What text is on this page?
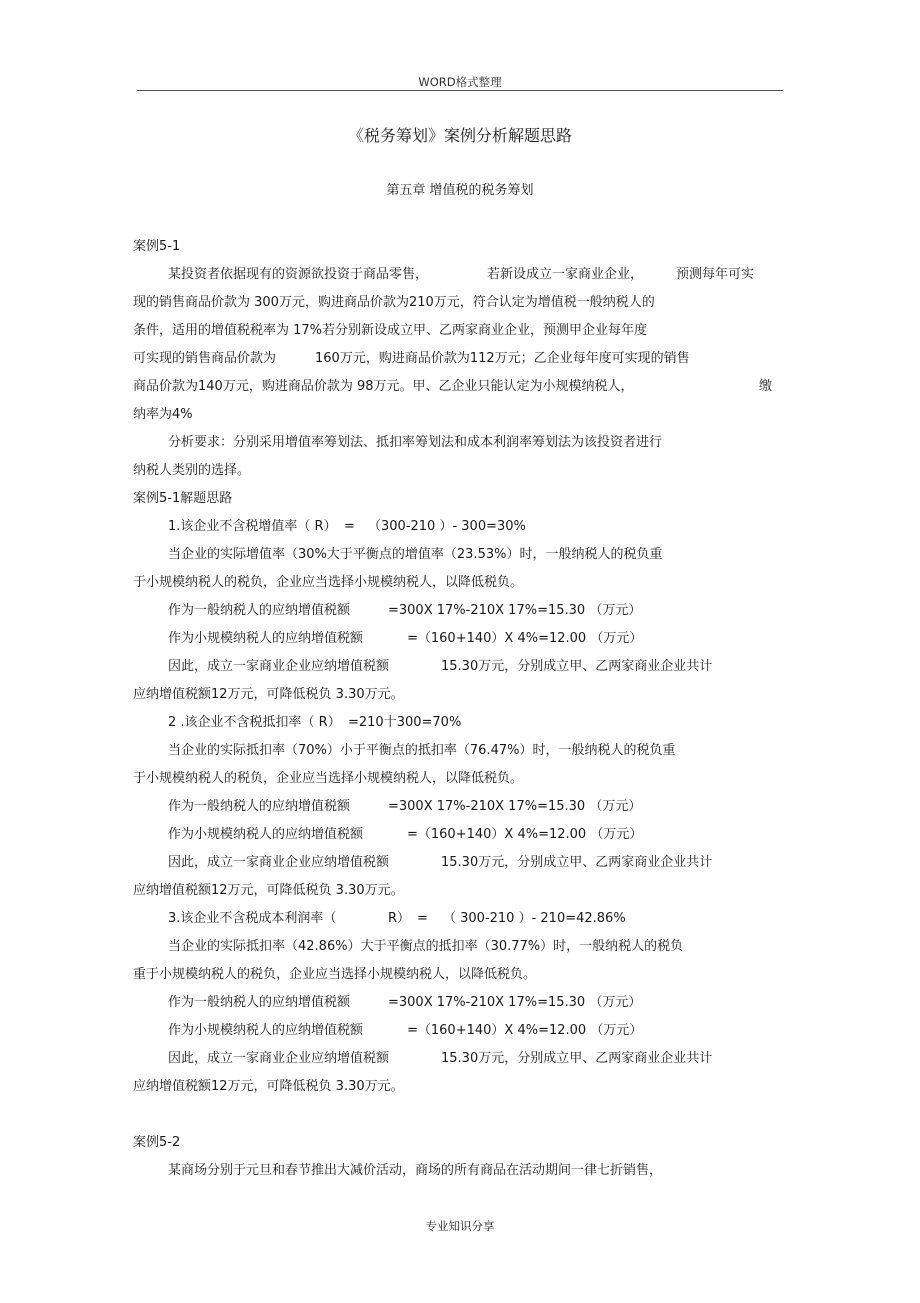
WORD格式整理
《税务筹划》案例分析解题思路
第五章 增值税的税务筹划
案例5-1
某投资者依据现有的资源欲投资于商品零售，	若新设成立一家商业企业，	预测每年可实
现的销售商品价款为 300万元，购进商品价款为210万元，符合认定为增值税一般纳税人的
条件，适用的增值税税率为 17%若分别新设成立甲、乙两家商业企业，预测甲企业每年度
可实现的销售商品价款为	160万元，购进商品价款为112万元；乙企业每年度可实现的销售
商品价款为140万元，购进商品价款为 98万元。甲、乙企业只能认定为小规模纳税人，	缴
纳率为4%
分析要求：分别采用增值率筹划法、抵扣率筹划法和成本利润率筹划法为该投资者进行
纳税人类别的选择。
案例5-1解题思路
1.该企业不含税增值率（ R） = （300-210 ）- 300=30%
当企业的实际增值率（30%大于平衡点的增值率（23.53%）时，一般纳税人的税负重
于小规模纳税人的税负，企业应当选择小规模纳税人，以降低税负。
作为一般纳税人的应纳增值税额	=300X 17%-210X 17%=15.30 （万元）
作为小规模纳税人的应纳增值税额	=（160+140）X 4%=12.00 （万元）
因此，成立一家商业企业应纳增值税额	15.30万元，分别成立甲、乙两家商业企业共计
应纳增值税额12万元，可降低税负 3.30万元。
2 .该企业不含税抵扣率（ R） =210十300=70%
当企业的实际抵扣率（70%）小于平衡点的抵扣率（76.47%）时，一般纳税人的税负重
于小规模纳税人的税负，企业应当选择小规模纳税人，以降低税负。
作为一般纳税人的应纳增值税额	=300X 17%-210X 17%=15.30 （万元）
作为小规模纳税人的应纳增值税额	=（160+140）X 4%=12.00 （万元）
因此，成立一家商业企业应纳增值税额	15.30万元，分别成立甲、乙两家商业企业共计
应纳增值税额12万元，可降低税负 3.30万元。
3.该企业不含税成本利润率（	R） = （ 300-210 ）- 210=42.86%
当企业的实际抵扣率（42.86%）大于平衡点的抵扣率（30.77%）时，一般纳税人的税负
重于小规模纳税人的税负，企业应当选择小规模纳税人，以降低税负。
作为一般纳税人的应纳增值税额	=300X 17%-210X 17%=15.30 （万元）
作为小规模纳税人的应纳增值税额	=（160+140）X 4%=12.00 （万元）
因此，成立一家商业企业应纳增值税额	15.30万元，分别成立甲、乙两家商业企业共计
应纳增值税额12万元，可降低税负 3.30万元。
案例5-2
某商场分别于元旦和春节推出大减价活动，商场的所有商品在活动期间一律七折销售，
专业知识分享
